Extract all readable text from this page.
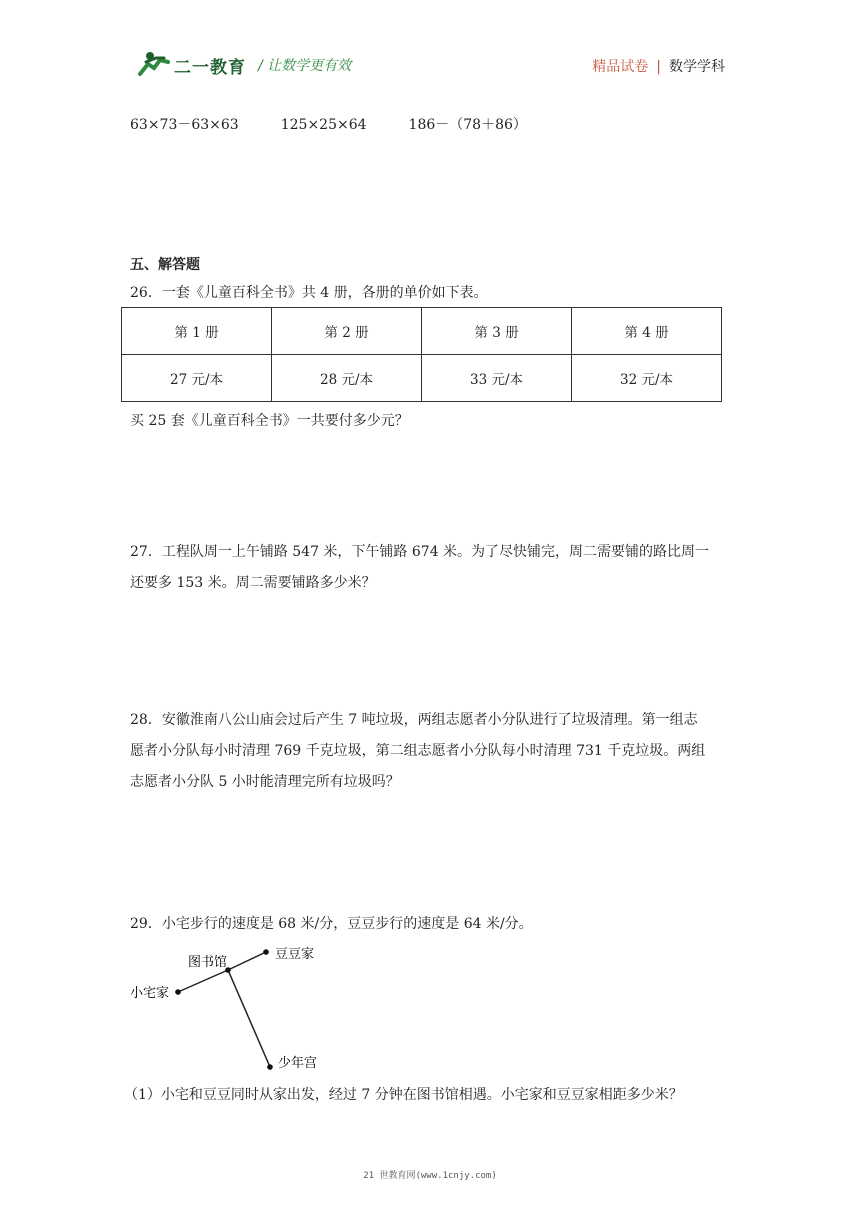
二一教育 / 让数学更有效	精品试卷 | 数学学科
63×73－63×63	125×25×64	186－（78＋86）
五、解答题
26．一套《儿童百科全书》共 4 册，各册的单价如下表。
第 1 册	第 2 册	第 3 册	第 4 册
27 元/本	28 元/本	33 元/本	32 元/本
买 25 套《儿童百科全书》一共要付多少元？
27．工程队周一上午铺路 547 米，下午铺路 674 米。为了尽快铺完，周二需要铺的路比周一
还要多 153 米。周二需要铺路多少米？
28．安徽淮南八公山庙会过后产生 7 吨垃圾，两组志愿者小分队进行了垃圾清理。第一组志
愿者小分队每小时清理 769 千克垃圾，第二组志愿者小分队每小时清理 731 千克垃圾。两组
志愿者小分队 5 小时能清理完所有垃圾吗？
29．小宅步行的速度是 68 米/分，豆豆步行的速度是 64 米/分。
图书馆
豆豆家
小宅家
少年宫
（1）小宅和豆豆同时从家出发，经过 7 分钟在图书馆相遇。小宅家和豆豆家相距多少米？
21 世教育网(www.1cnjy.com)
